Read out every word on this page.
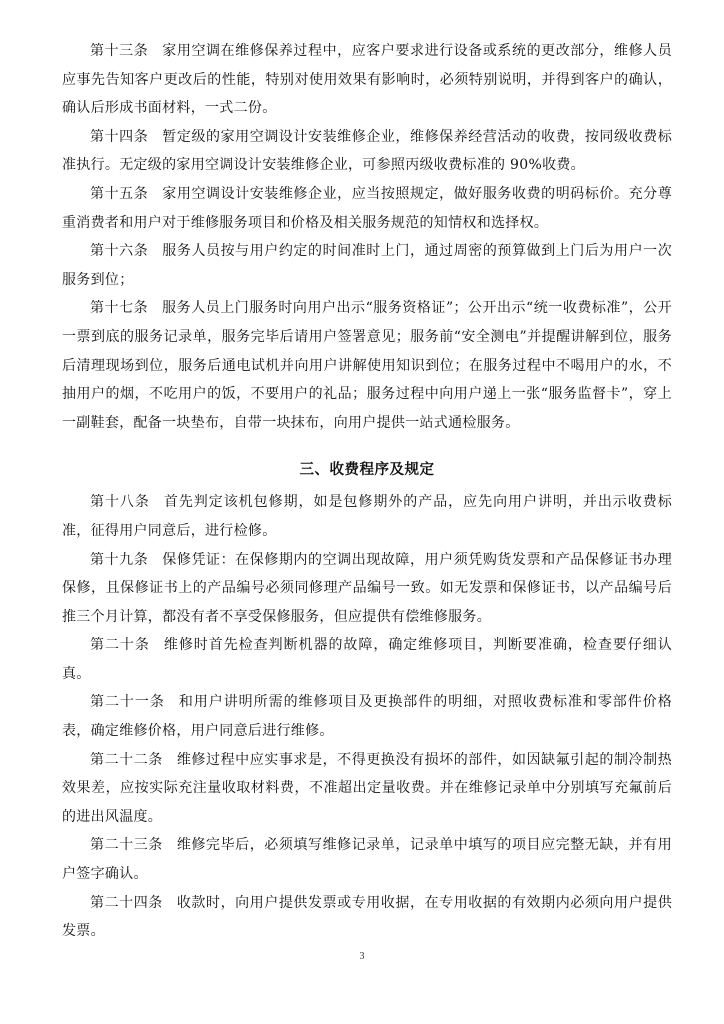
第十三条 家用空调在维修保养过程中，应客户要求进行设备或系统的更改部分，维修人员应事先告知客户更改后的性能，特别对使用效果有影响时，必须特别说明，并得到客户的确认，确认后形成书面材料，一式二份。

第十四条 暂定级的家用空调设计安装维修企业，维修保养经营活动的收费，按同级收费标准执行。无定级的家用空调设计安装维修企业，可参照丙级收费标准的 90%收费。

第十五条 家用空调设计安装维修企业，应当按照规定，做好服务收费的明码标价。充分尊重消费者和用户对于维修服务项目和价格及相关服务规范的知情权和选择权。

第十六条 服务人员按与用户约定的时间准时上门，通过周密的预算做到上门后为用户一次服务到位；

第十七条 服务人员上门服务时向用户出示“服务资格证”；公开出示“统一收费标准”，公开一票到底的服务记录单，服务完毕后请用户签署意见；服务前“安全测电”并提醒讲解到位，服务后清理现场到位，服务后通电试机并向用户讲解使用知识到位；在服务过程中不喝用户的水，不抽用户的烟，不吃用户的饭，不要用户的礼品；服务过程中向用户递上一张“服务监督卡”，穿上一副鞋套，配备一块垫布，自带一块抹布，向用户提供一站式通检服务。

三、收费程序及规定

第十八条 首先判定该机包修期，如是包修期外的产品，应先向用户讲明，并出示收费标准，征得用户同意后，进行检修。

第十九条 保修凭证：在保修期内的空调出现故障，用户须凭购货发票和产品保修证书办理保修，且保修证书上的产品编号必须同修理产品编号一致。如无发票和保修证书，以产品编号后推三个月计算，都没有者不享受保修服务，但应提供有偿维修服务。

第二十条 维修时首先检查判断机器的故障，确定维修项目，判断要准确，检查要仔细认真。

第二十一条 和用户讲明所需的维修项目及更换部件的明细，对照收费标准和零部件价格表，确定维修价格，用户同意后进行维修。

第二十二条 维修过程中应实事求是，不得更换没有损坏的部件，如因缺氟引起的制冷制热效果差，应按实际充注量收取材料费，不准超出定量收费。并在维修记录单中分别填写充氟前后的进出风温度。

第二十三条 维修完毕后，必须填写维修记录单，记录单中填写的项目应完整无缺，并有用户签字确认。

第二十四条 收款时，向用户提供发票或专用收据，在专用收据的有效期内必须向用户提供发票。

3
